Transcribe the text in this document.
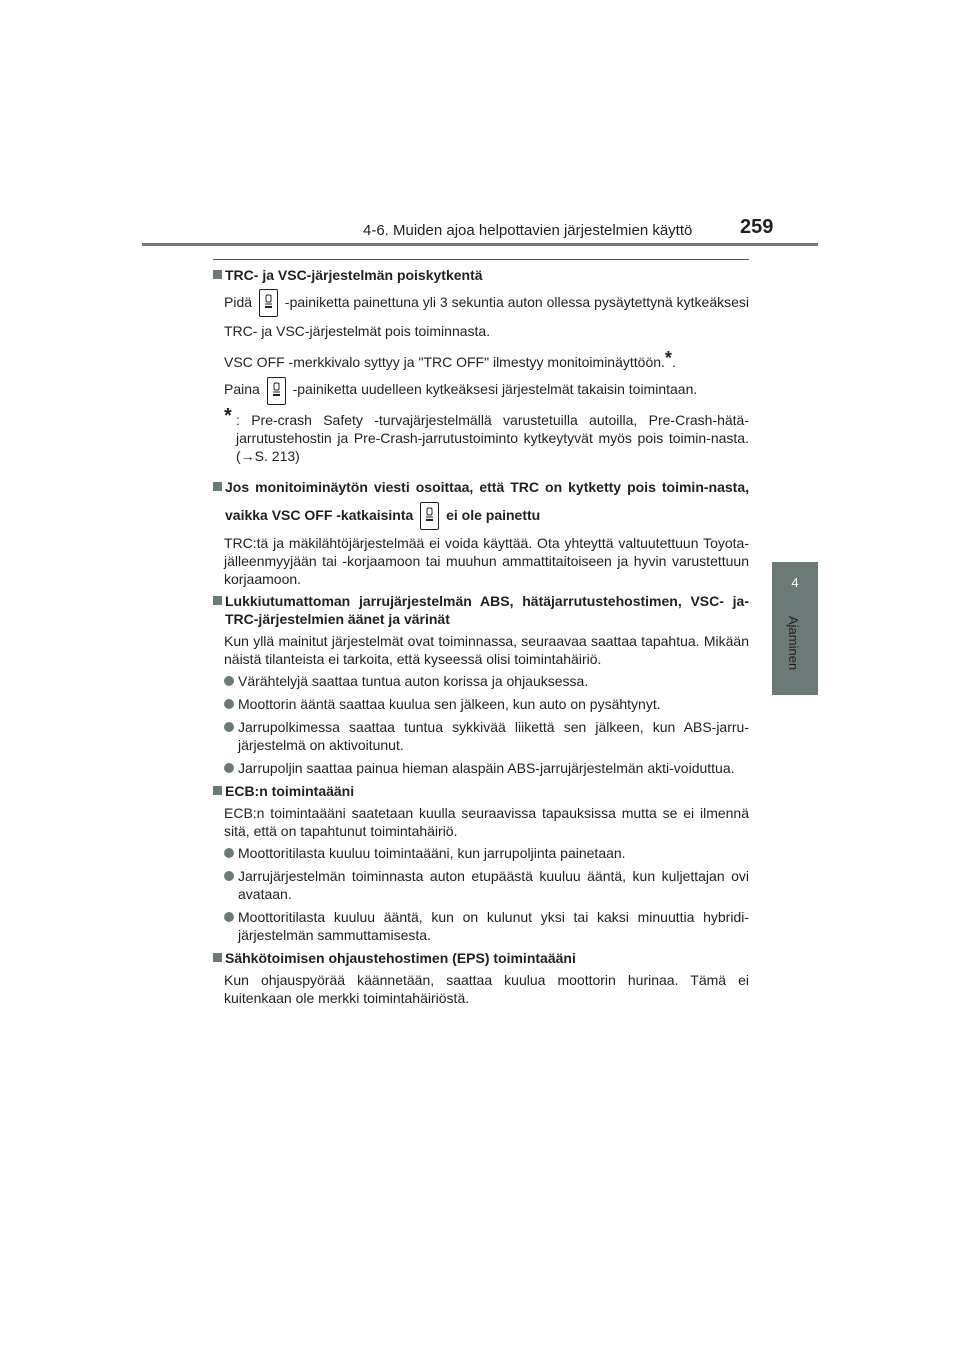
4-6. Muiden ajoa helpottavien järjestelmien käyttö 259
4
Ajaminen
TRC- ja VSC-järjestelmän poiskytkentä
Pidä -painiketta painettuna yli 3 sekuntia auton ollessa pysäytettynä kytkeäksesi TRC- ja VSC-järjestelmät pois toiminnasta.
VSC OFF -merkkivalo syttyy ja "TRC OFF" ilmestyy monitoiminäyttöön.*.
Paina -painiketta uudelleen kytkeäksesi järjestelmät takaisin toimintaan.
* : Pre-crash Safety -turvajärjestelmällä varustetuilla autoilla, Pre-Crash-hätä-jarrutustehostin ja Pre-Crash-jarrutustoiminto kytkeytyvät myös pois toimin-nasta. (→S. 213)
Jos monitoiminäytön viesti osoittaa, että TRC on kytketty pois toimin-nasta, vaikka VSC OFF -katkaisinta ei ole painettu
TRC:tä ja mäkilähtöjärjestelmää ei voida käyttää. Ota yhteyttä valtuutettuun Toyota-jälleenmyyjään tai -korjaamoon tai muuhun ammattitaitoiseen ja hyvin varustettuun korjaamoon.
Lukkiutumattoman jarrujärjestelmän ABS, hätäjarrutustehostimen, VSC- ja- TRC-järjestelmien äänet ja värinät
Kun yllä mainitut järjestelmät ovat toiminnassa, seuraavaa saattaa tapahtua. Mikään näistä tilanteista ei tarkoita, että kyseessä olisi toimintahäiriö.
Värähtelyjä saattaa tuntua auton korissa ja ohjauksessa.
Moottorin ääntä saattaa kuulua sen jälkeen, kun auto on pysähtynyt.
Jarrupolkimessa saattaa tuntua sykkivää liikettä sen jälkeen, kun ABS-jarru-järjestelmä on aktivoitunut.
Jarrupoljin saattaa painua hieman alaspäin ABS-jarrujärjestelmän akti-voiduttua.
ECB:n toimintaääni
ECB:n toimintaääni saatetaan kuulla seuraavissa tapauksissa mutta se ei ilmennä sitä, että on tapahtunut toimintahäiriö.
Moottoritilasta kuuluu toimintaääni, kun jarrupoljinta painetaan.
Jarrujärjestelmän toiminnasta auton etupäästä kuuluu ääntä, kun kuljettajan ovi avataan.
Moottoritilasta kuuluu ääntä, kun on kulunut yksi tai kaksi minuuttia hybridi-järjestelmän sammuttamisesta.
Sähkötoimisen ohjaustehostimen (EPS) toimintaääni
Kun ohjauspyörää käännetään, saattaa kuulua moottorin hurinaa. Tämä ei kuitenkaan ole merkki toimintahäiriöstä.
